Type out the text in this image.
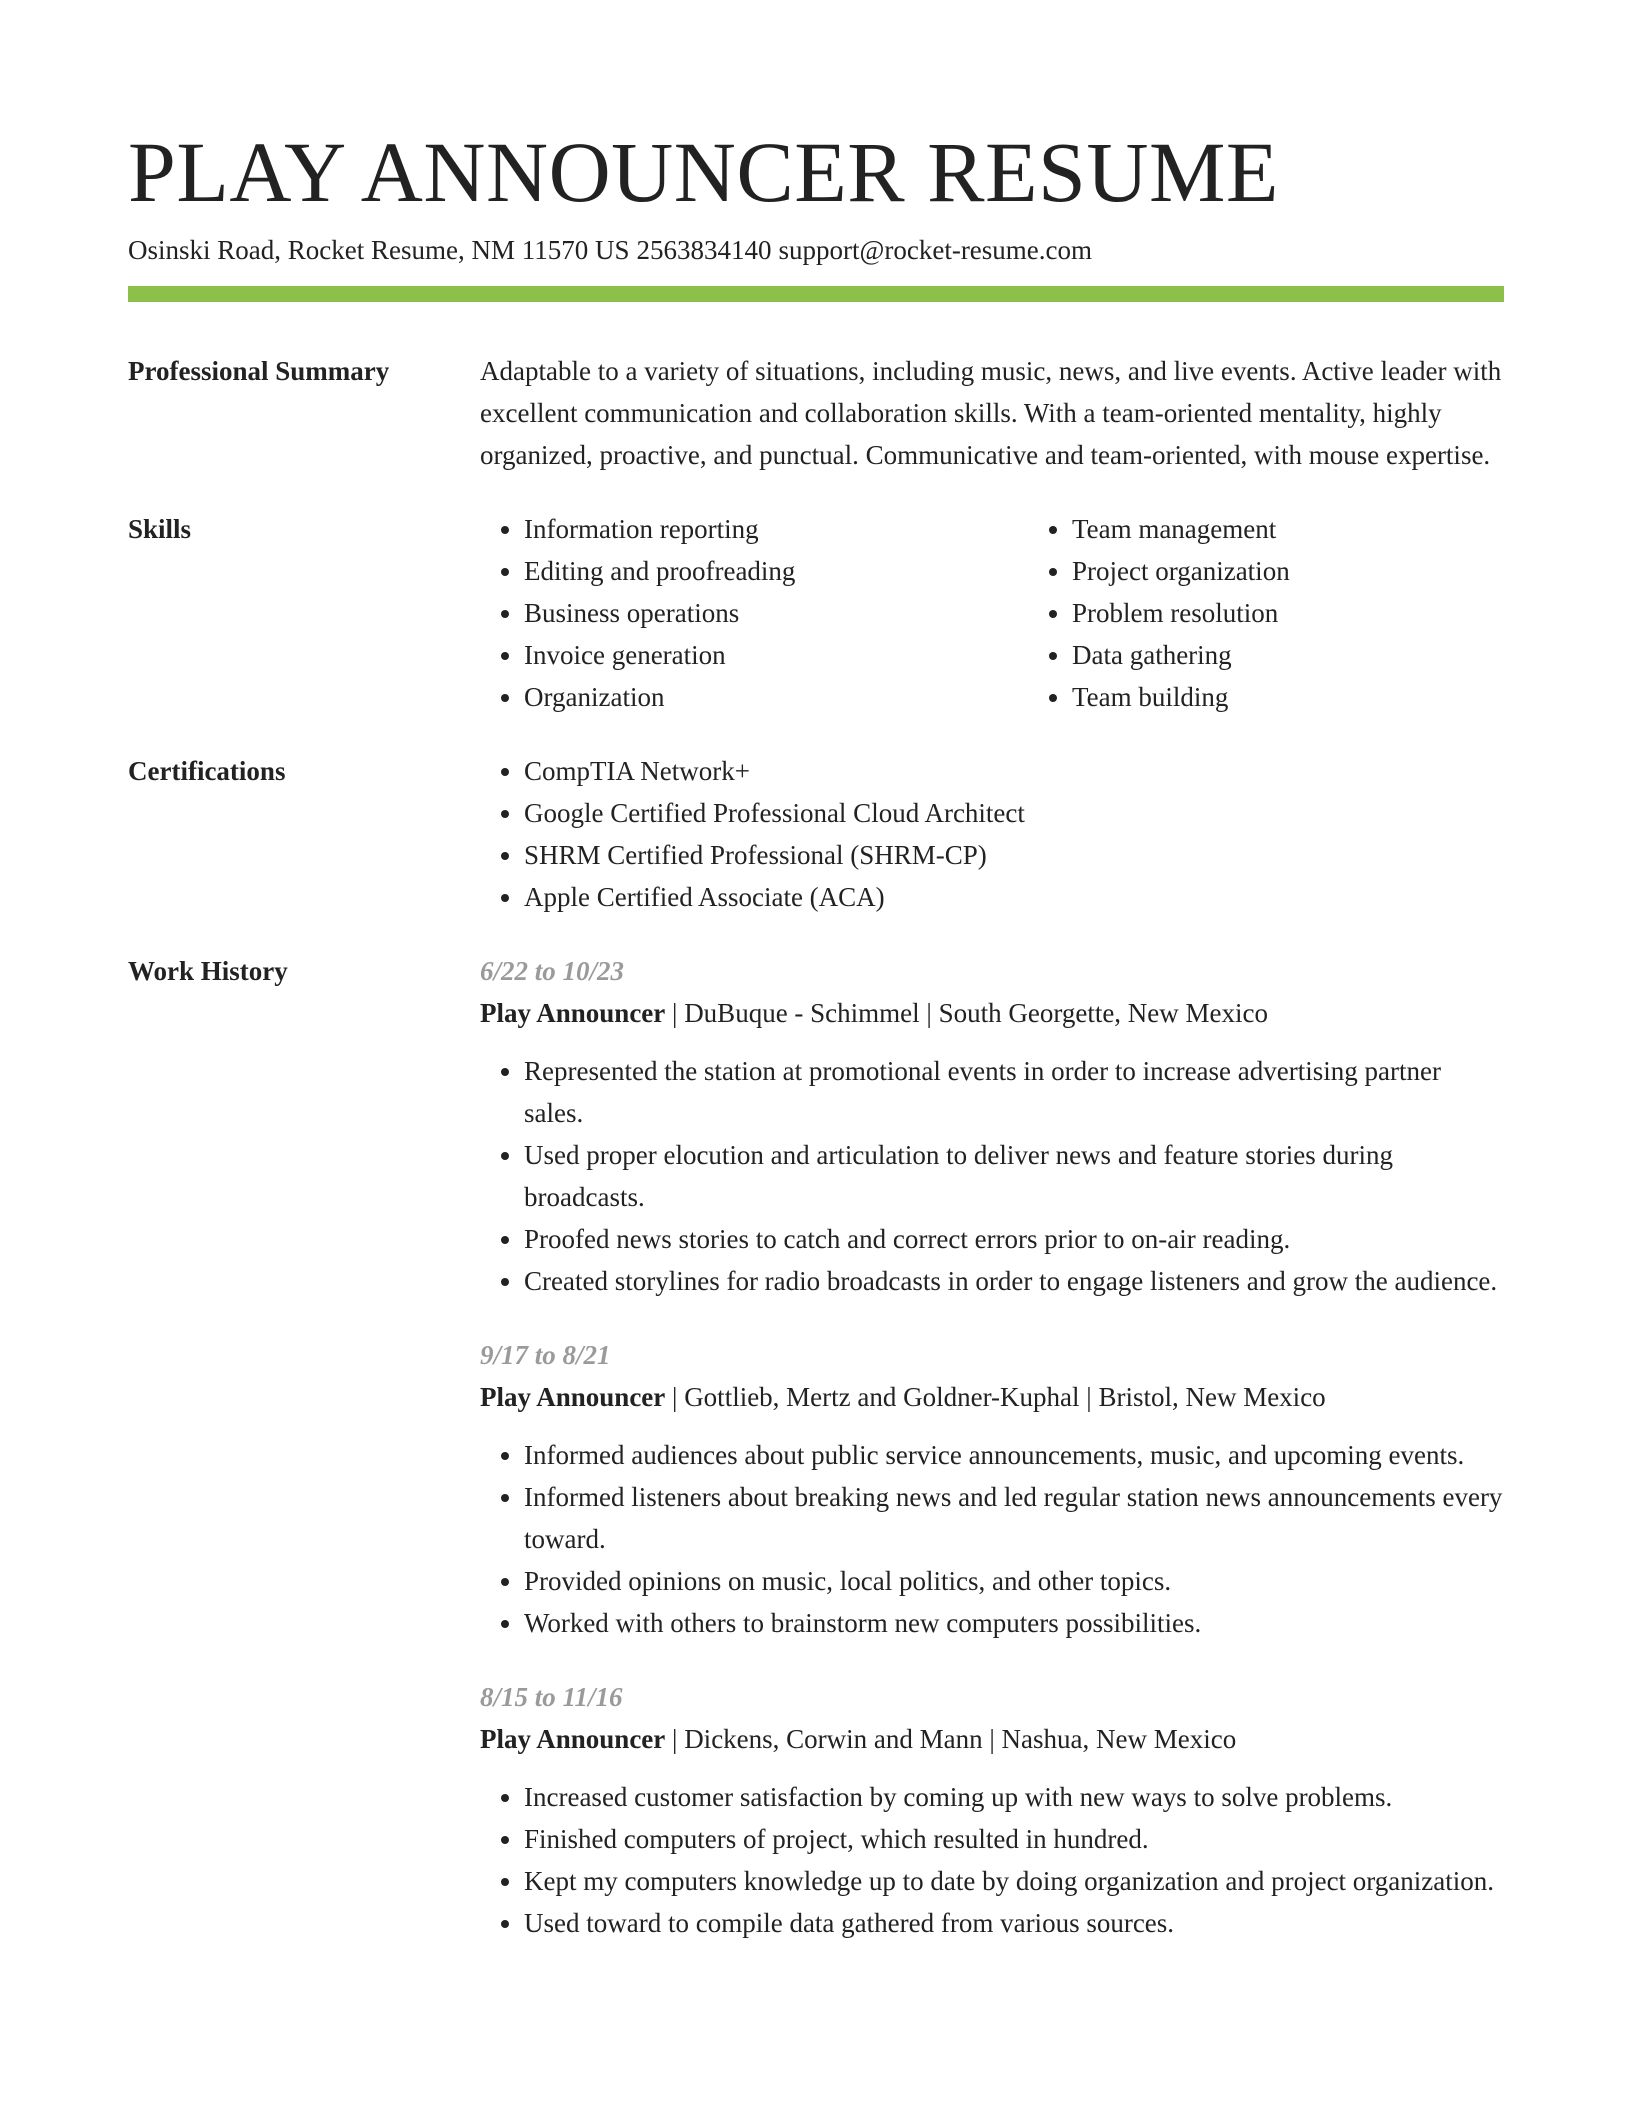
PLAY ANNOUNCER RESUME
Osinski Road, Rocket Resume, NM 11570 US 2563834140 support@rocket-resume.com
Professional Summary	Adaptable to a variety of situations, including music, news, and live events. Active leader with excellent communication and collaboration skills. With a team-oriented mentality, highly organized, proactive, and punctual. Communicative and team-oriented, with mouse expertise.

Skills	• Information reporting
• Editing and proofreading
• Business operations
• Invoice generation
• Organization
• Team management
• Project organization
• Problem resolution
• Data gathering
• Team building
Certifications	• CompTIA Network+
• Google Certified Professional Cloud Architect
• SHRM Certified Professional (SHRM-CP)
• Apple Certified Associate (ACA)
Work History	6/22 to 10/23
Play Announcer | DuBuque - Schimmel | South Georgette, New Mexico
• Represented the station at promotional events in order to increase advertising partner sales.
• Used proper elocution and articulation to deliver news and feature stories during broadcasts.
• Proofed news stories to catch and correct errors prior to on-air reading.
• Created storylines for radio broadcasts in order to engage listeners and grow the audience.
9/17 to 8/21
Play Announcer | Gottlieb, Mertz and Goldner-Kuphal | Bristol, New Mexico
• Informed audiences about public service announcements, music, and upcoming events.
• Informed listeners about breaking news and led regular station news announcements every toward.
• Provided opinions on music, local politics, and other topics.
• Worked with others to brainstorm new computers possibilities.
8/15 to 11/16
Play Announcer | Dickens, Corwin and Mann | Nashua, New Mexico
• Increased customer satisfaction by coming up with new ways to solve problems.
• Finished computers of project, which resulted in hundred.
• Kept my computers knowledge up to date by doing organization and project organization.
• Used toward to compile data gathered from various sources.
